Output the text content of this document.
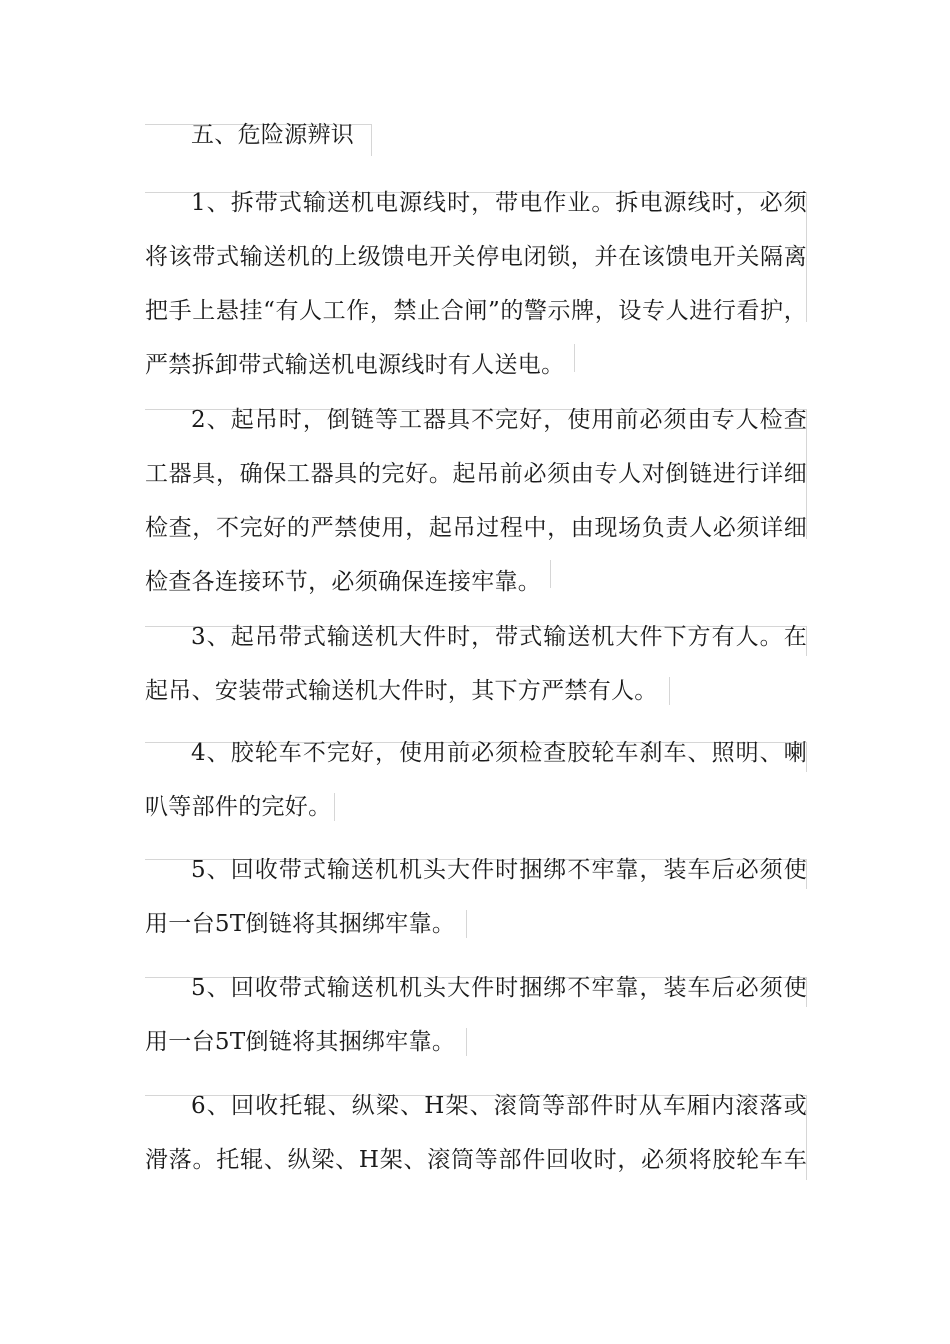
五、危险源辨识
1、拆带式输送机电源线时，带电作业。拆电源线时，必须将该带式输送机的上级馈电开关停电闭锁，并在该馈电开关隔离把手上悬挂“有人工作，禁止合闸”的警示牌，设专人进行看护，严禁拆卸带式输送机电源线时有人送电。
2、起吊时，倒链等工器具不完好，使用前必须由专人检查工器具，确保工器具的完好。起吊前必须由专人对倒链进行详细检查，不完好的严禁使用，起吊过程中，由现场负责人必须详细检查各连接环节，必须确保连接牢靠。
3、起吊带式输送机大件时，带式输送机大件下方有人。在起吊、安装带式输送机大件时，其下方严禁有人。
4、胶轮车不完好，使用前必须检查胶轮车刹车、照明、喇叭等部件的完好。
5、回收带式输送机机头大件时捆绑不牢靠，装车后必须使用一台5T倒链将其捆绑牢靠。
5、回收带式输送机机头大件时捆绑不牢靠，装车后必须使用一台5T倒链将其捆绑牢靠。
6、回收托辊、纵梁、H架、滚筒等部件时从车厢内滚落或滑落。托辊、纵梁、H架、滚筒等部件回收时，必须将胶轮车车
